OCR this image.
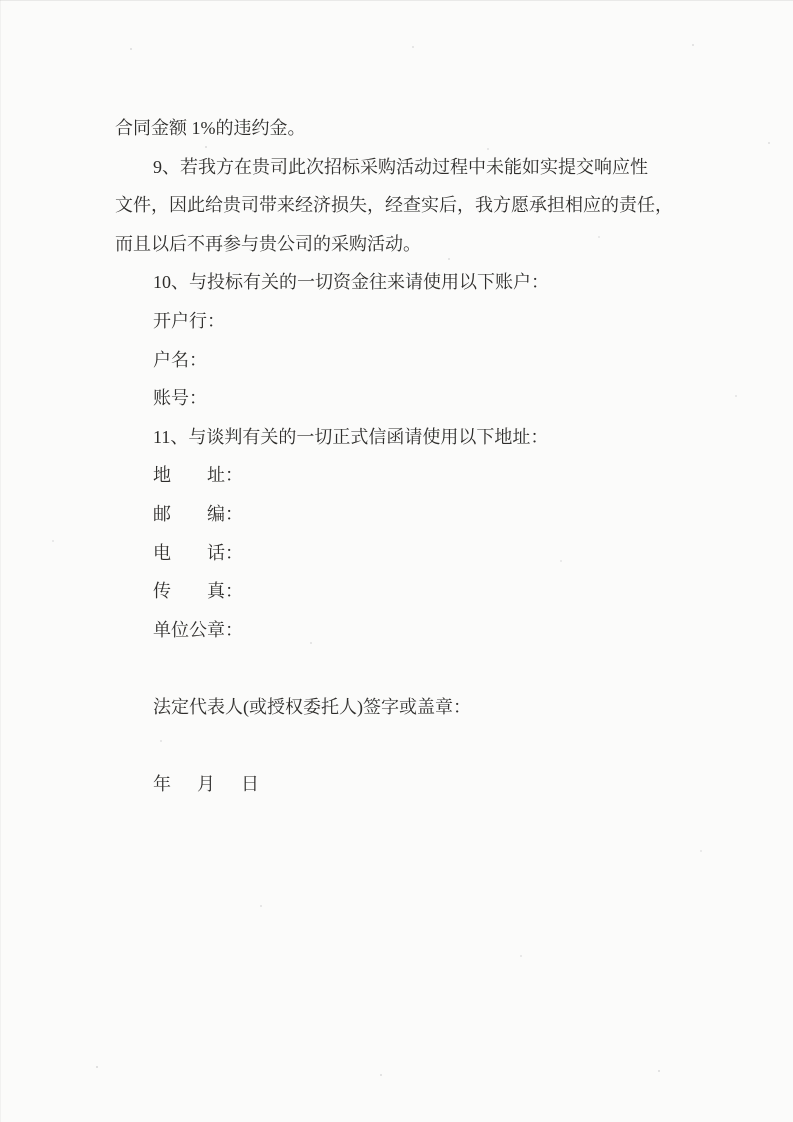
合同金额 1%的违约金。
9、若我方在贵司此次招标采购活动过程中未能如实提交响应性
文件，因此给贵司带来经济损失，经查实后，我方愿承担相应的责任，
而且以后不再参与贵公司的采购活动。
10、与投标有关的一切资金往来请使用以下账户：
开户行：
户名：
账号：
11、与谈判有关的一切正式信函请使用以下地址：
地　　址：
邮　　编：
电　　话：
传　　真：
单位公章：
法定代表人(或授权委托人)签字或盖章：
年　月　日
